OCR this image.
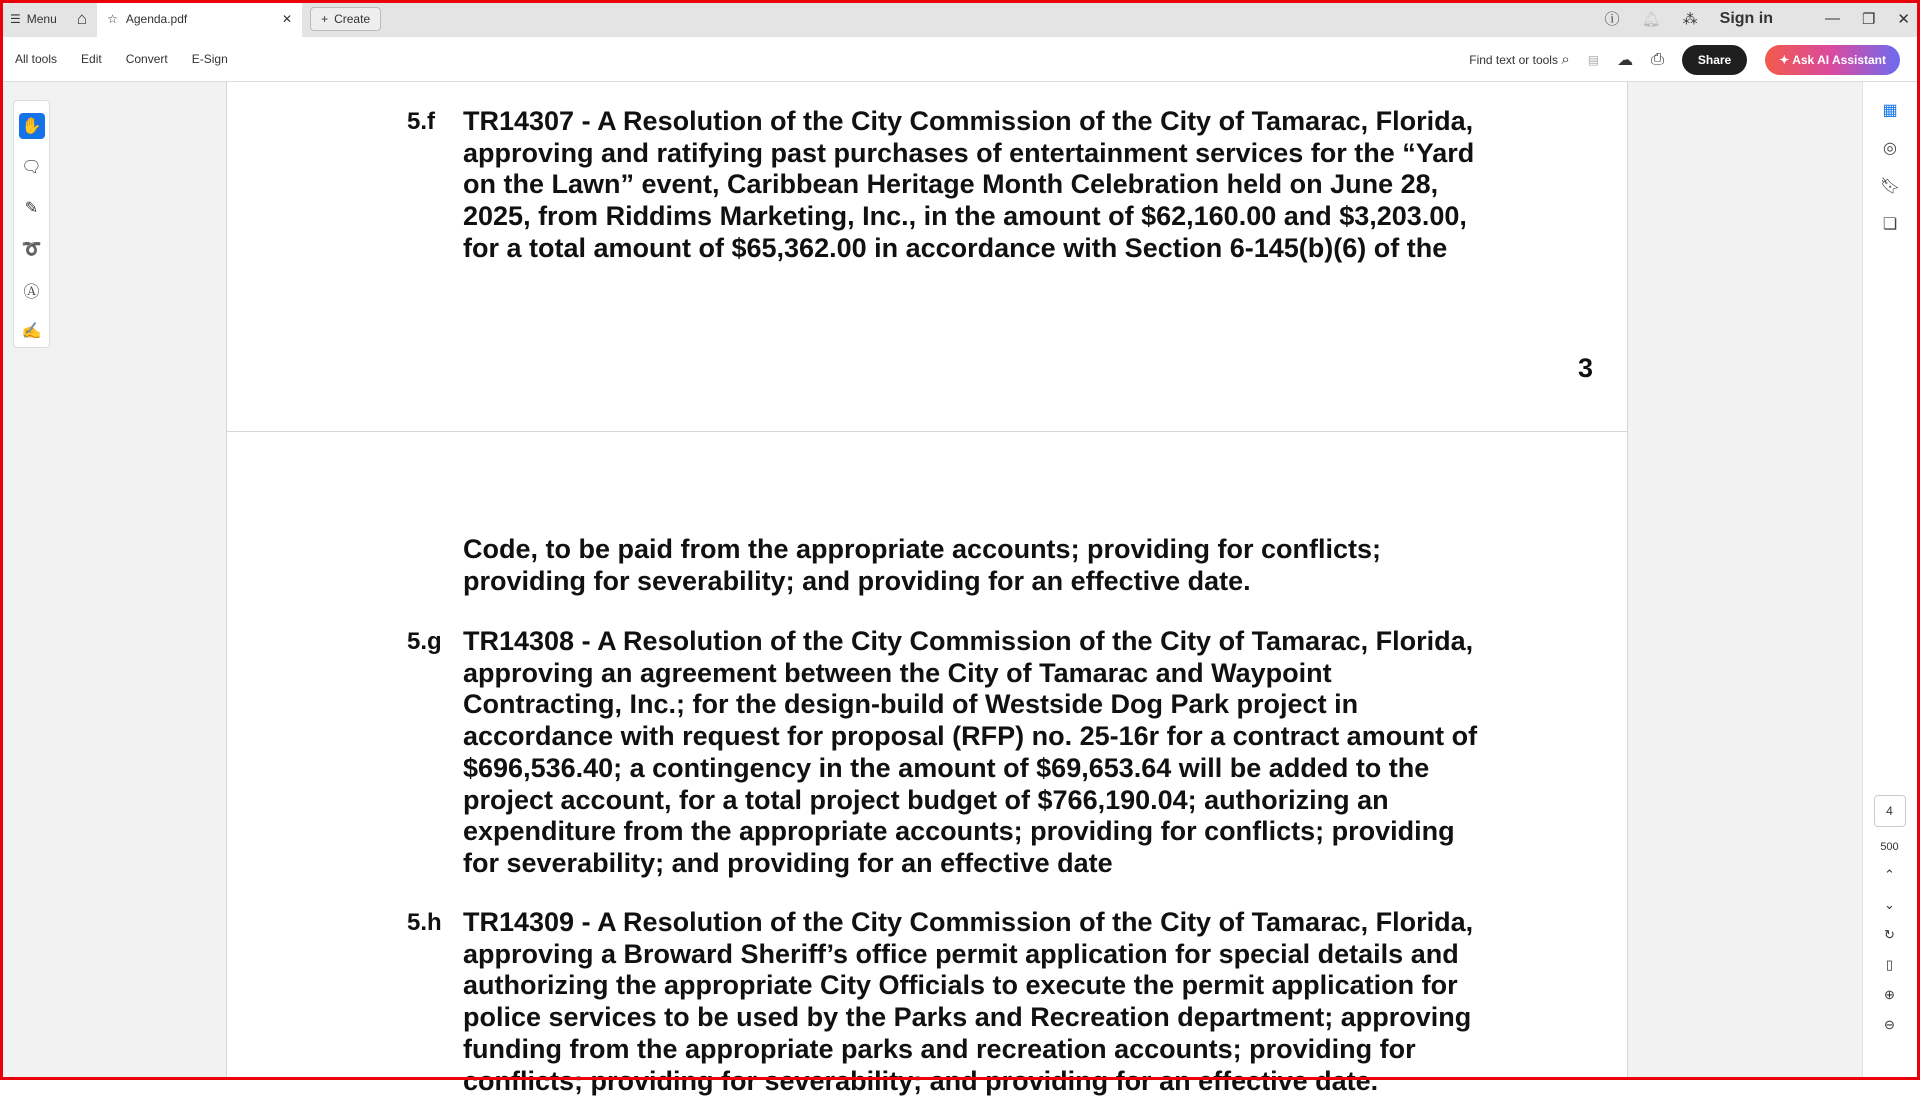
☰ Menu ⌂ ☆ Agenda.pdf	✕ + Create	ⓘ 🔔︎ ⁂ Sign in	— ❐ ✕
All tools Edit Convert E-Sign	Find text or tools ⌕ ▤ ☁ ⎙	Share	✦ Ask AI Assistant
5.f TR14307 - A Resolution of the City Commission of the City of Tamarac, Florida,
approving and ratifying past purchases of entertainment services for the “Yard
on the Lawn” event, Caribbean Heritage Month Celebration held on June 28,
2025, from Riddims Marketing, Inc., in the amount of $62,160.00 and $3,203.00,
for a total amount of $65,362.00 in accordance with Section 6-145(b)(6) of the
Code, to be paid from the appropriate accounts; providing for conflicts;
providing for severability; and providing for an effective date.
5.g TR14308 - A Resolution of the City Commission of the City of Tamarac, Florida,
approving an agreement between the City of Tamarac and Waypoint
Contracting, Inc.; for the design-build of Westside Dog Park project in
accordance with request for proposal (RFP) no. 25-16r for a contract amount of
$696,536.40; a contingency in the amount of $69,653.64 will be added to the
project account, for a total project budget of $766,190.04; authorizing an
expenditure from the appropriate accounts; providing for conflicts; providing
for severability; and providing for an effective date
5.h TR14309 - A Resolution of the City Commission of the City of Tamarac, Florida,
approving a Broward Sheriff’s office permit application for special details and
authorizing the appropriate City Officials to execute the permit application for
police services to be used by the Parks and Recreation department; approving
funding from the appropriate parks and recreation accounts; providing for
conflicts; providing for severability; and providing for an effective date.
3
✋
🗨︎
✎
➰
Ⓐ
✍
▦
◎
🔖︎
❏
4
500
⌃
⌄
↻
▯
⊕
⊖
